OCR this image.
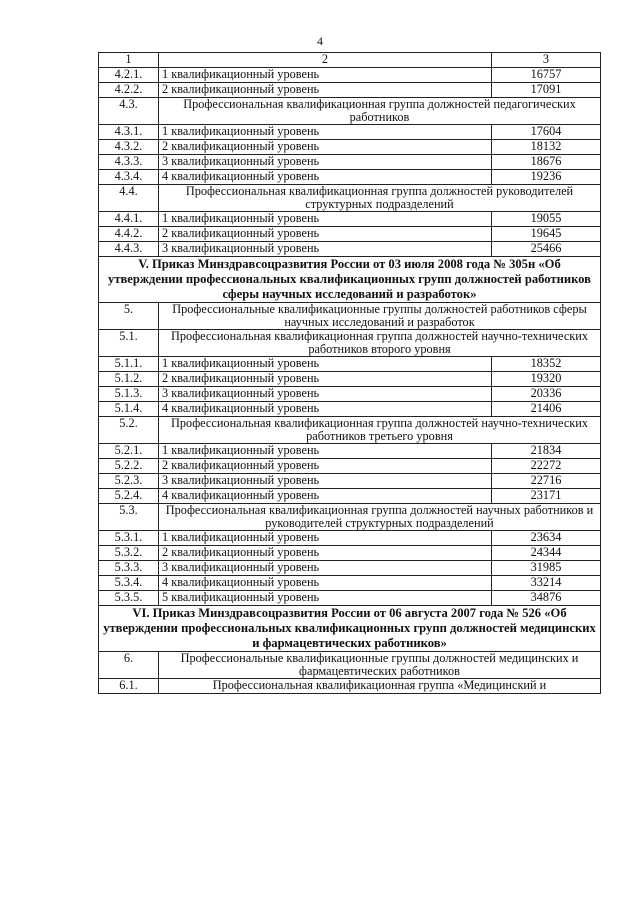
4
1	2	3
4.2.1.	1 квалификационный уровень	16757
4.2.2.	2 квалификационный уровень	17091
4.3.	Профессиональная квалификационная группа должностей педагогических работников	
4.3.1.	1 квалификационный уровень	17604
4.3.2.	2 квалификационный уровень	18132
4.3.3.	3 квалификационный уровень	18676
4.3.4.	4 квалификационный уровень	19236
4.4.	Профессиональная квалификационная группа должностей руководителей структурных подразделений	
4.4.1.	1 квалификационный уровень	19055
4.4.2.	2 квалификационный уровень	19645
4.4.3.	3 квалификационный уровень	25466
V. Приказ Минздравсоцразвития России от 03 июля 2008 года № 305н «Об утверждении профессиональных квалификационных групп должностей работников сферы научных исследований и разработок»		
5.	Профессиональные квалификационные группы должностей работников сферы научных исследований и разработок	
5.1.	Профессиональная квалификационная группа должностей научно-технических работников второго уровня	
5.1.1.	1 квалификационный уровень	18352
5.1.2.	2 квалификационный уровень	19320
5.1.3.	3 квалификационный уровень	20336
5.1.4.	4 квалификационный уровень	21406
5.2.	Профессиональная квалификационная группа должностей научно-технических работников третьего уровня	
5.2.1.	1 квалификационный уровень	21834
5.2.2.	2 квалификационный уровень	22272
5.2.3.	3 квалификационный уровень	22716
5.2.4.	4 квалификационный уровень	23171
5.3.	Профессиональная квалификационная группа должностей научных работников и руководителей структурных подразделений	
5.3.1.	1 квалификационный уровень	23634
5.3.2.	2 квалификационный уровень	24344
5.3.3.	3 квалификационный уровень	31985
5.3.4.	4 квалификационный уровень	33214
5.3.5.	5 квалификационный уровень	34876
VI. Приказ Минздравсоцразвития России от 06 августа 2007 года № 526 «Об утверждении профессиональных квалификационных групп должностей медицинских и фармацевтических работников»		
6.	Профессиональные квалификационные группы должностей медицинских и фармацевтических работников	
6.1.	Профессиональная квалификационная группа «Медицинский и	
